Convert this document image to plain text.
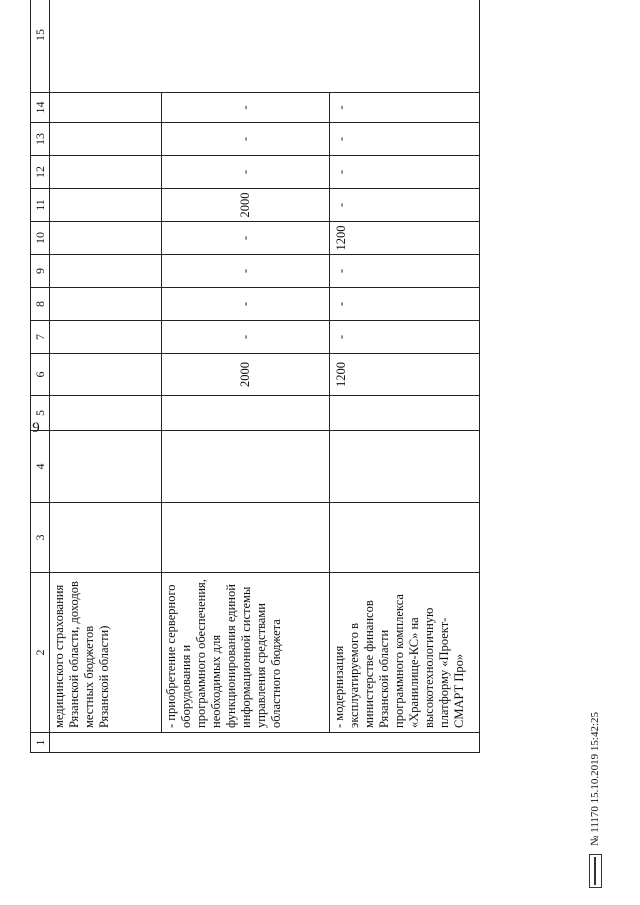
9
1	2	3	4	5	6	7	8	9	10	11	12	13	14	15
	медицинского страхования Рязанской области, доходов местных бюджетов Рязанской области)													
	- приобретение серверного оборудования и программного обеспечения, необходимых для функционирования единой информационной системы управления средствами областного бюджета				2000	-	-	-	-	2000	-	-	-	
	- модернизация эксплуатируемого в министерстве финансов Рязанской области программного комплекса «Хранилище-КС» на высокотехнологичную платформу «Проект-СМАРТ Про»				1200	-	-	-	1200	-	-	-	-	
№ 11170 15.10.2019 15:42:25
